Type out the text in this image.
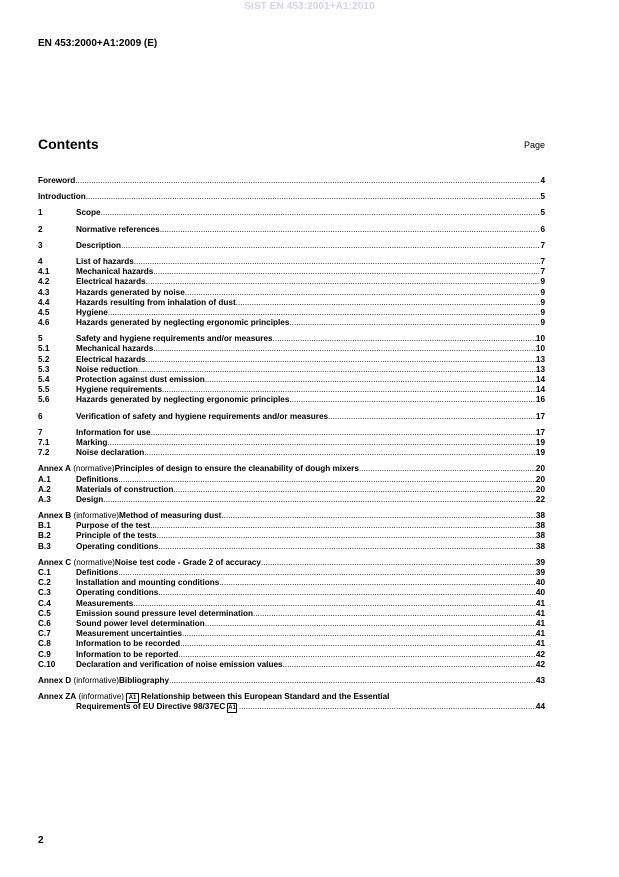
SIST EN 453:2001+A1:2010
EN 453:2000+A1:2009 (E)
Contents	Page
Foreword .....	4
Introduction .....	5
1	Scope .....	5
2	Normative references .....	6
3	Description .....	7
4	List of hazards .....	7
4.1	Mechanical hazards .....	7
4.2	Electrical hazards .....	9
4.3	Hazards generated by noise .....	9
4.4	Hazards resulting from inhalation of dust .....	9
4.5	Hygiene .....	9
4.6	Hazards generated by neglecting ergonomic principles .....	9
5	Safety and hygiene requirements and/or measures .....	10
5.1	Mechanical hazards .....	10
5.2	Electrical hazards .....	13
5.3	Noise reduction .....	13
5.4	Protection against dust emission .....	14
5.5	Hygiene requirements .....	14
5.6	Hazards generated by neglecting ergonomic principles .....	16
6	Verification of safety and hygiene requirements and/or measures .....	17
7	Information for use .....	17
7.1	Marking .....	19
7.2	Noise declaration .....	19
Annex A (normative) Principles of design to ensure the cleanability of dough mixers .....	20
A.1	Definitions .....	20
A.2	Materials of construction .....	20
A.3	Design .....	22
Annex B (informative) Method of measuring dust .....	38
B.1	Purpose of the test .....	38
B.2	Principle of the tests .....	38
B.3	Operating conditions .....	38
Annex C (normative) Noise test code - Grade 2 of accuracy .....	39
C.1	Definitions .....	39
C.2	Installation and mounting conditions .....	40
C.3	Operating conditions .....	40
C.4	Measurements .....	41
C.5	Emission sound pressure level determination .....	41
C.6	Sound power level determination .....	41
C.7	Measurement uncertainties .....	41
C.8	Information to be recorded .....	41
C.9	Information to be reported .....	42
C.10	Declaration and verification of noise emission values .....	42
Annex D (informative) Bibliography .....	43
Annex ZA (informative) A1 Relationship between this European Standard and the Essential
Requirements of EU Directive 98/37EC A1 .....	44
2
